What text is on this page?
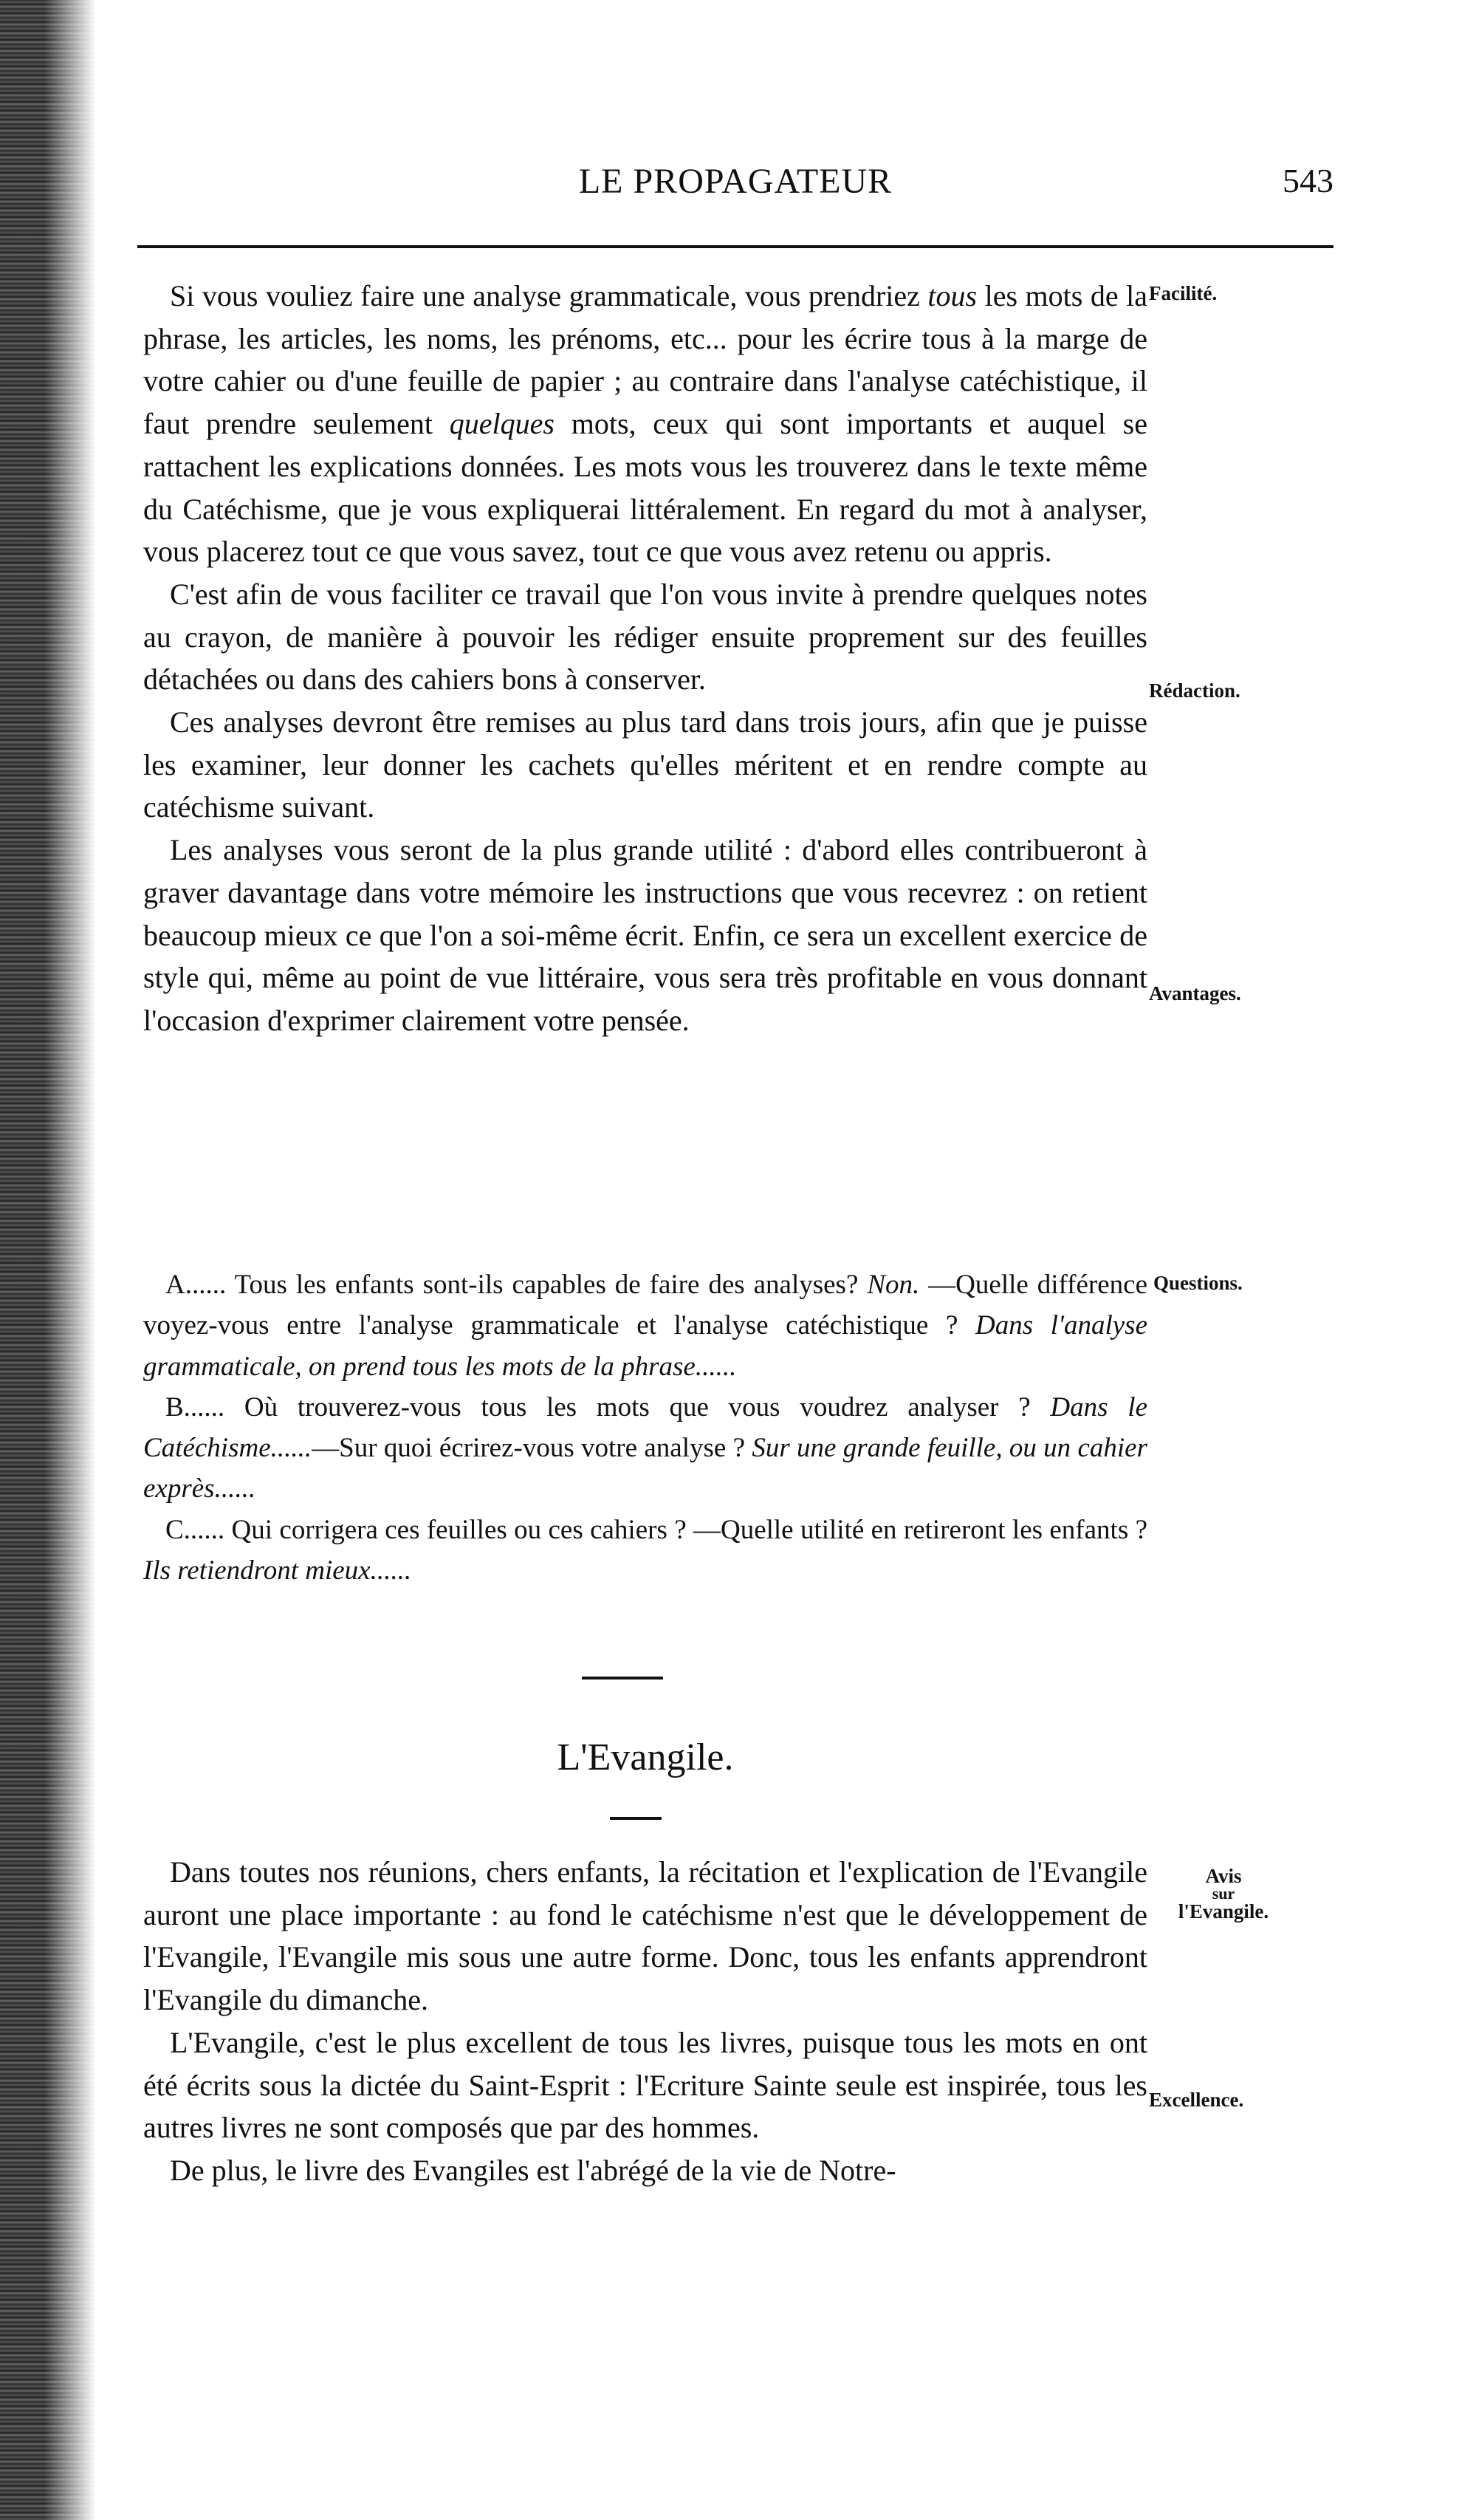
LE PROPAGATEUR	543

Si vous vouliez faire une analyse grammaticale, vous prendriez tous les mots de la phrase, les articles, les noms, les prénoms, etc... pour les écrire tous à la marge de votre cahier ou d'une feuille de papier ; au contraire dans l'analyse catéchistique, il faut prendre seulement quelques mots, ceux qui sont importants et auquel se rattachent les explications données. Les mots vous les trouverez dans le texte même du Catéchisme, que je vous expliquerai littéralement. En regard du mot à analyser, vous placerez tout ce que vous savez, tout ce que vous avez retenu ou appris.

C'est afin de vous faciliter ce travail que l'on vous invite à prendre quelques notes au crayon, de manière à pouvoir les rédiger ensuite proprement sur des feuilles détachées ou dans des cahiers bons à conserver.

Ces analyses devront être remises au plus tard dans trois jours, afin que je puisse les examiner, leur donner les cachets qu'elles méritent et en rendre compte au catéchisme suivant.

Les analyses vous seront de la plus grande utilité : d'abord elles contribueront à graver davantage dans votre mémoire les instructions que vous recevrez : on retient beaucoup mieux ce que l'on a soi-même écrit. Enfin, ce sera un excellent exercice de style qui, même au point de vue littéraire, vous sera très profitable en vous donnant l'occasion d'exprimer clairement votre pensée.

A...... Tous les enfants sont-ils capables de faire des analyses? Non. —Quelle différence voyez-vous entre l'analyse grammaticale et l'analyse catéchistique ? Dans l'analyse grammaticale, on prend tous les mots de la phrase......

B...... Où trouverez-vous tous les mots que vous voudrez analyser ? Dans le Catéchisme......—Sur quoi écrirez-vous votre analyse ? Sur une grande feuille, ou un cahier exprès......

C...... Qui corrigera ces feuilles ou ces cahiers ? —Quelle utilité en retireront les enfants ? Ils retiendront mieux......

L'Evangile.

Dans toutes nos réunions, chers enfants, la récitation et l'explication de l'Evangile auront une place importante : au fond le catéchisme n'est que le développement de l'Evangile, l'Evangile mis sous une autre forme. Donc, tous les enfants apprendront l'Evangile du dimanche.

L'Evangile, c'est le plus excellent de tous les livres, puisque tous les mots en ont été écrits sous la dictée du Saint-Esprit : l'Ecriture Sainte seule est inspirée, tous les autres livres ne sont composés que par des hommes.

De plus, le livre des Evangiles est l'abrégé de la vie de Notre-

Facilité.
Rédaction.
Avantages.
Questions.
Avis
sur
l'Evangile.
Excellence.
